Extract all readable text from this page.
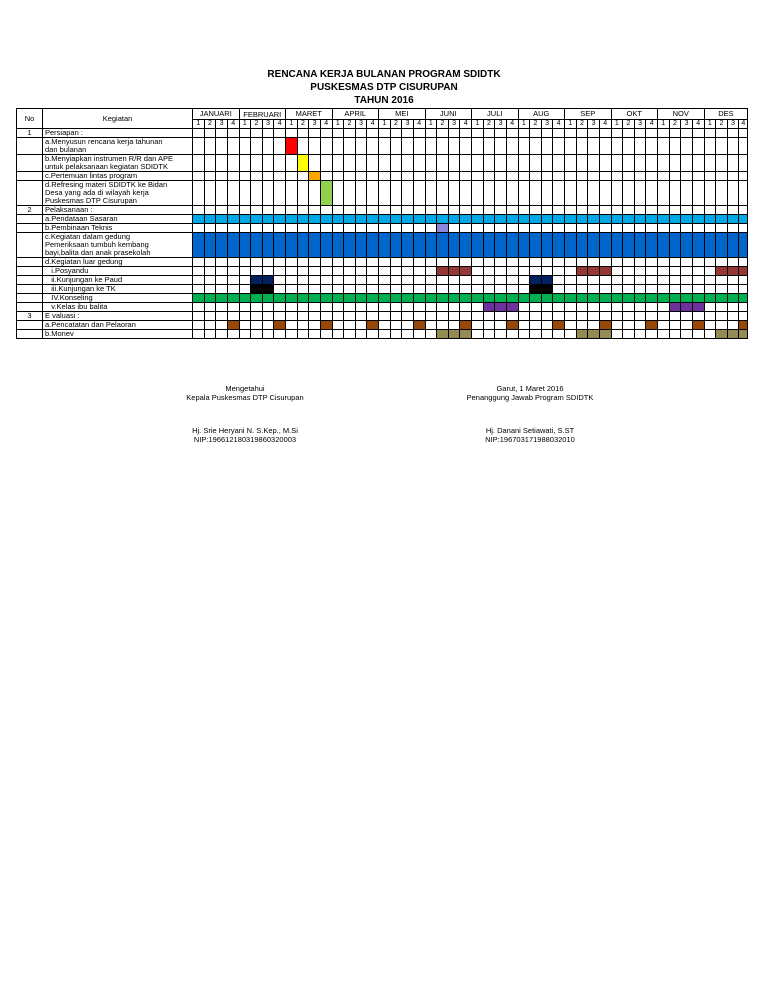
RENCANA KERJA BULANAN PROGRAM SDIDTK
PUSKESMAS DTP CISURUPAN
TAHUN 2016
No	Kegiatan	JANUARI				FEBRUARI				MARET				APRIL				MEI				JUNI				JULI				AUG				SEP				OKT				NOV				DES			
		1	2	3	4	1	2	3	4	1	2	3	4	1	2	3	4	1	2	3	4	1	2	3	4	1	2	3	4	1	2	3	4	1	2	3	4	1	2	3	4	1	2	3	4	1	2	3	4
1	Persiapan :																																																

	a.Menyusun rencana kerja tahunan
dan bulanan																																																

	b.Menyiapkan instrumen R/R dan APE
untuk pelaksanaan kegiatan SDIDTK																																																

	c.Pertemuan lintas program																																																

	d.Refresing materi SDIDTK ke Bidan
Desa yang ada di wilayah kerja
Puskesmas DTP Cisurupan																																																

2	Pelaksanaan :																																																

	a.Pendataan Sasaran																																																

	b.Pembinaan Teknis																																																

	c.Kegiatan dalam gedung
Pemeriksaan tumbuh kembang
bayi,balita dan anak prasekolah																																																

	d.Kegiatan luar gedung																																																

	i.Posyandu																																																

	ii.Kunjungan ke Paud																																																

	iii.Kunjungan ke TK																																																

	IV.Konseling																																																

	v.Kelas ibu balita																																																

3	E valuasi :																																																

	a.Pencatatan dan Pelaoran																																																

	b.Monev																																																

Mengetahui
Kepala Puskesmas DTP Cisurupan
Hj. Srie Heryani N. S.Kep., M.Si
NIP:196612180319860320003
Garut, 1 Maret 2016
Penanggung Jawab Program SDIDTK
Hj. Danani Setiawati, S.ST
NIP:196703171988032010
